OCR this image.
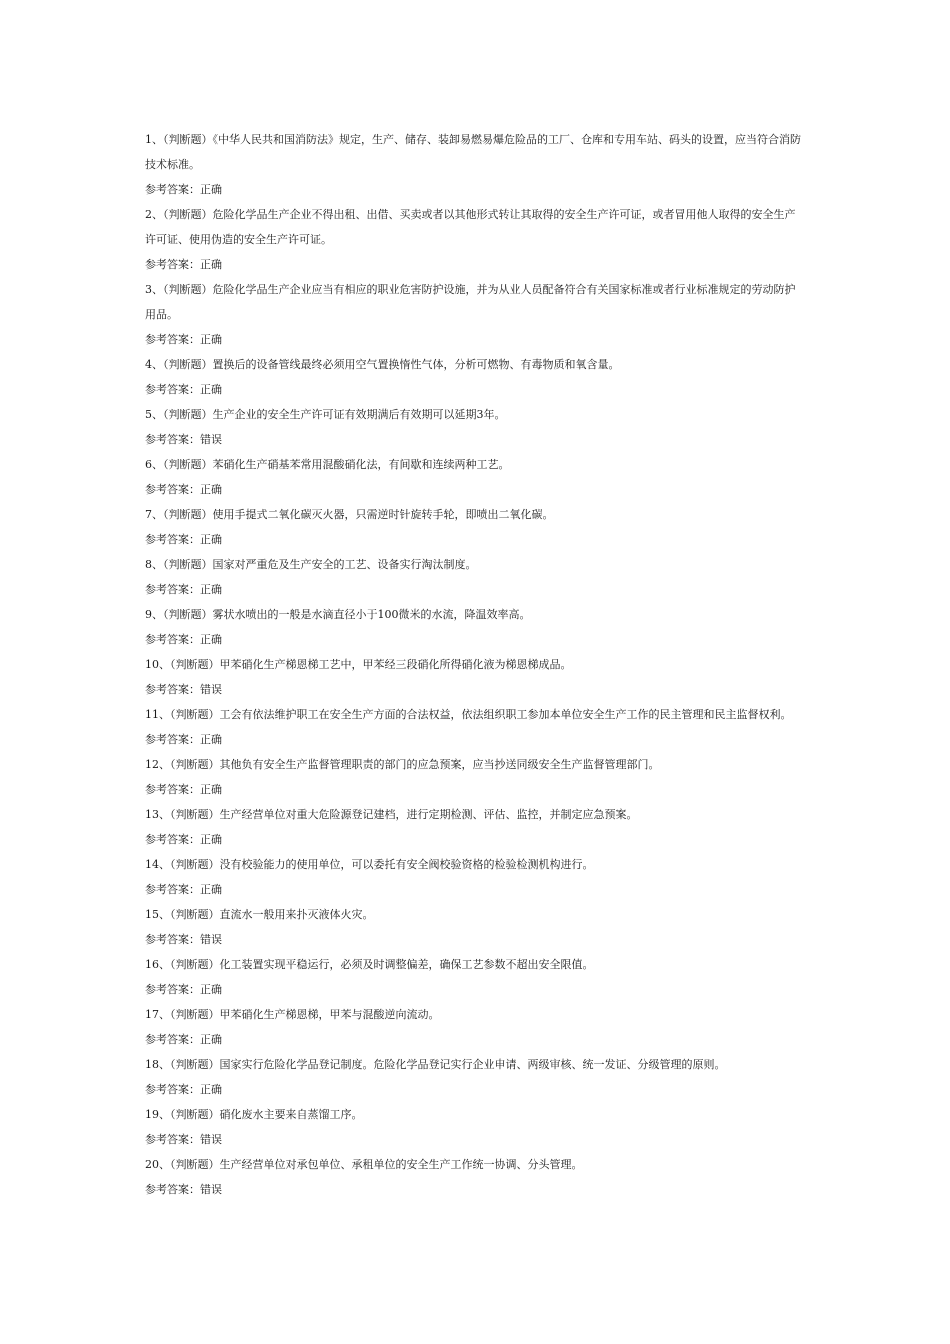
1、（判断题）《中华人民共和国消防法》规定，生产、储存、装卸易燃易爆危险品的工厂、仓库和专用车站、码头的设置，应当符合消防技术标准。

参考答案：正确

2、（判断题）危险化学品生产企业不得出租、出借、买卖或者以其他形式转让其取得的安全生产许可证，或者冒用他人取得的安全生产许可证、使用伪造的安全生产许可证。

参考答案：正确

3、（判断题）危险化学品生产企业应当有相应的职业危害防护设施，并为从业人员配备符合有关国家标准或者行业标准规定的劳动防护用品。

参考答案：正确

4、（判断题）置换后的设备管线最终必须用空气置换惰性气体，分析可燃物、有毒物质和氧含量。

参考答案：正确

5、（判断题）生产企业的安全生产许可证有效期满后有效期可以延期3年。

参考答案：错误

6、（判断题）苯硝化生产硝基苯常用混酸硝化法，有间歇和连续两种工艺。

参考答案：正确

7、（判断题）使用手提式二氧化碳灭火器，只需逆时针旋转手轮，即喷出二氧化碳。

参考答案：正确

8、（判断题）国家对严重危及生产安全的工艺、设备实行淘汰制度。

参考答案：正确

9、（判断题）雾状水喷出的一般是水滴直径小于100微米的水流，降温效率高。

参考答案：正确

10、（判断题）甲苯硝化生产梯恩梯工艺中，甲苯经三段硝化所得硝化液为梯恩梯成品。

参考答案：错误

11、（判断题）工会有依法维护职工在安全生产方面的合法权益，依法组织职工参加本单位安全生产工作的民主管理和民主监督权利。

参考答案：正确

12、（判断题）其他负有安全生产监督管理职责的部门的应急预案，应当抄送同级安全生产监督管理部门。

参考答案：正确

13、（判断题）生产经营单位对重大危险源登记建档，进行定期检测、评估、监控，并制定应急预案。

参考答案：正确

14、（判断题）没有校验能力的使用单位，可以委托有安全阀校验资格的检验检测机构进行。

参考答案：正确

15、（判断题）直流水一般用来扑灭液体火灾。

参考答案：错误

16、（判断题）化工装置实现平稳运行，必须及时调整偏差，确保工艺参数不超出安全限值。

参考答案：正确

17、（判断题）甲苯硝化生产梯恩梯，甲苯与混酸逆向流动。

参考答案：正确

18、（判断题）国家实行危险化学品登记制度。危险化学品登记实行企业申请、两级审核、统一发证、分级管理的原则。

参考答案：正确

19、（判断题）硝化废水主要来自蒸馏工序。

参考答案：错误

20、（判断题）生产经营单位对承包单位、承租单位的安全生产工作统一协调、分头管理。

参考答案：错误
